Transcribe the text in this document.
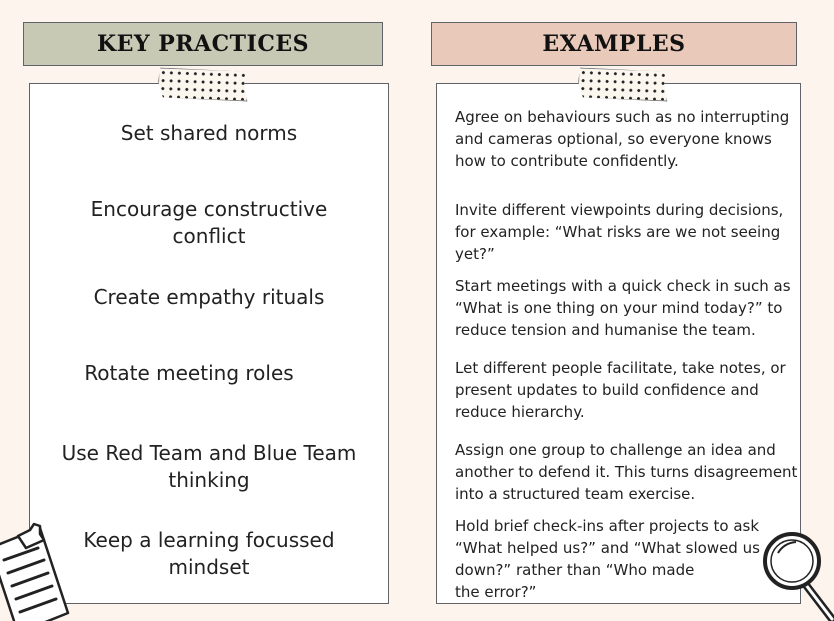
KEY PRACTICES	EXAMPLES
Set shared norms
Encourage constructive
conflict
Create empathy rituals
Rotate meeting roles
Use Red Team and Blue Team
thinking
Keep a learning focussed
mindset
Agree on behaviours such as no interrupting
and cameras optional, so everyone knows
how to contribute confidently.
Invite different viewpoints during decisions,
for example: “What risks are we not seeing
yet?”
Start meetings with a quick check in such as
“What is one thing on your mind today?” to
reduce tension and humanise the team.
Let different people facilitate, take notes, or
present updates to build confidence and
reduce hierarchy.
Assign one group to challenge an idea and
another to defend it. This turns disagreement
into a structured team exercise.
Hold brief check-ins after projects to ask
“What helped us?” and “What slowed us
down?” rather than “Who made
the error?”
